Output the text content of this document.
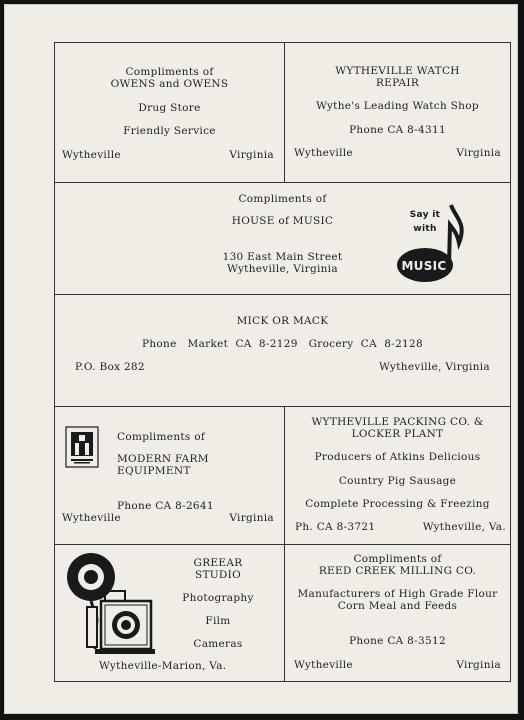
Compliments of
OWENS and OWENS
Drug Store
Friendly Service
Wytheville	Virginia
WYTHEVILLE WATCH
REPAIR
Wythe's Leading Watch Shop
Phone CA 8-4311
Wytheville	Virginia
Compliments of
HOUSE of MUSIC
130 East Main Street
Wytheville, Virginia
Say it
with
MUSIC
MICK OR MACK
Phone   Market  CA  8-2129   Grocery  CA  8-2128
P.O. Box 282	Wytheville, Virginia
Compliments of
MODERN FARM
EQUIPMENT
Phone CA 8-2641
Wytheville	Virginia
WYTHEVILLE PACKING CO. &
LOCKER PLANT
Producers of Atkins Delicious
Country Pig Sausage
Complete Processing & Freezing
Ph. CA 8-3721	Wytheville, Va.
GREEAR
STUDIO
Photography
Film
Cameras
Wytheville-Marion, Va.
Compliments of
REED CREEK MILLING CO.
Manufacturers of High Grade Flour
Corn Meal and Feeds
Phone CA 8-3512
Wytheville	Virginia
